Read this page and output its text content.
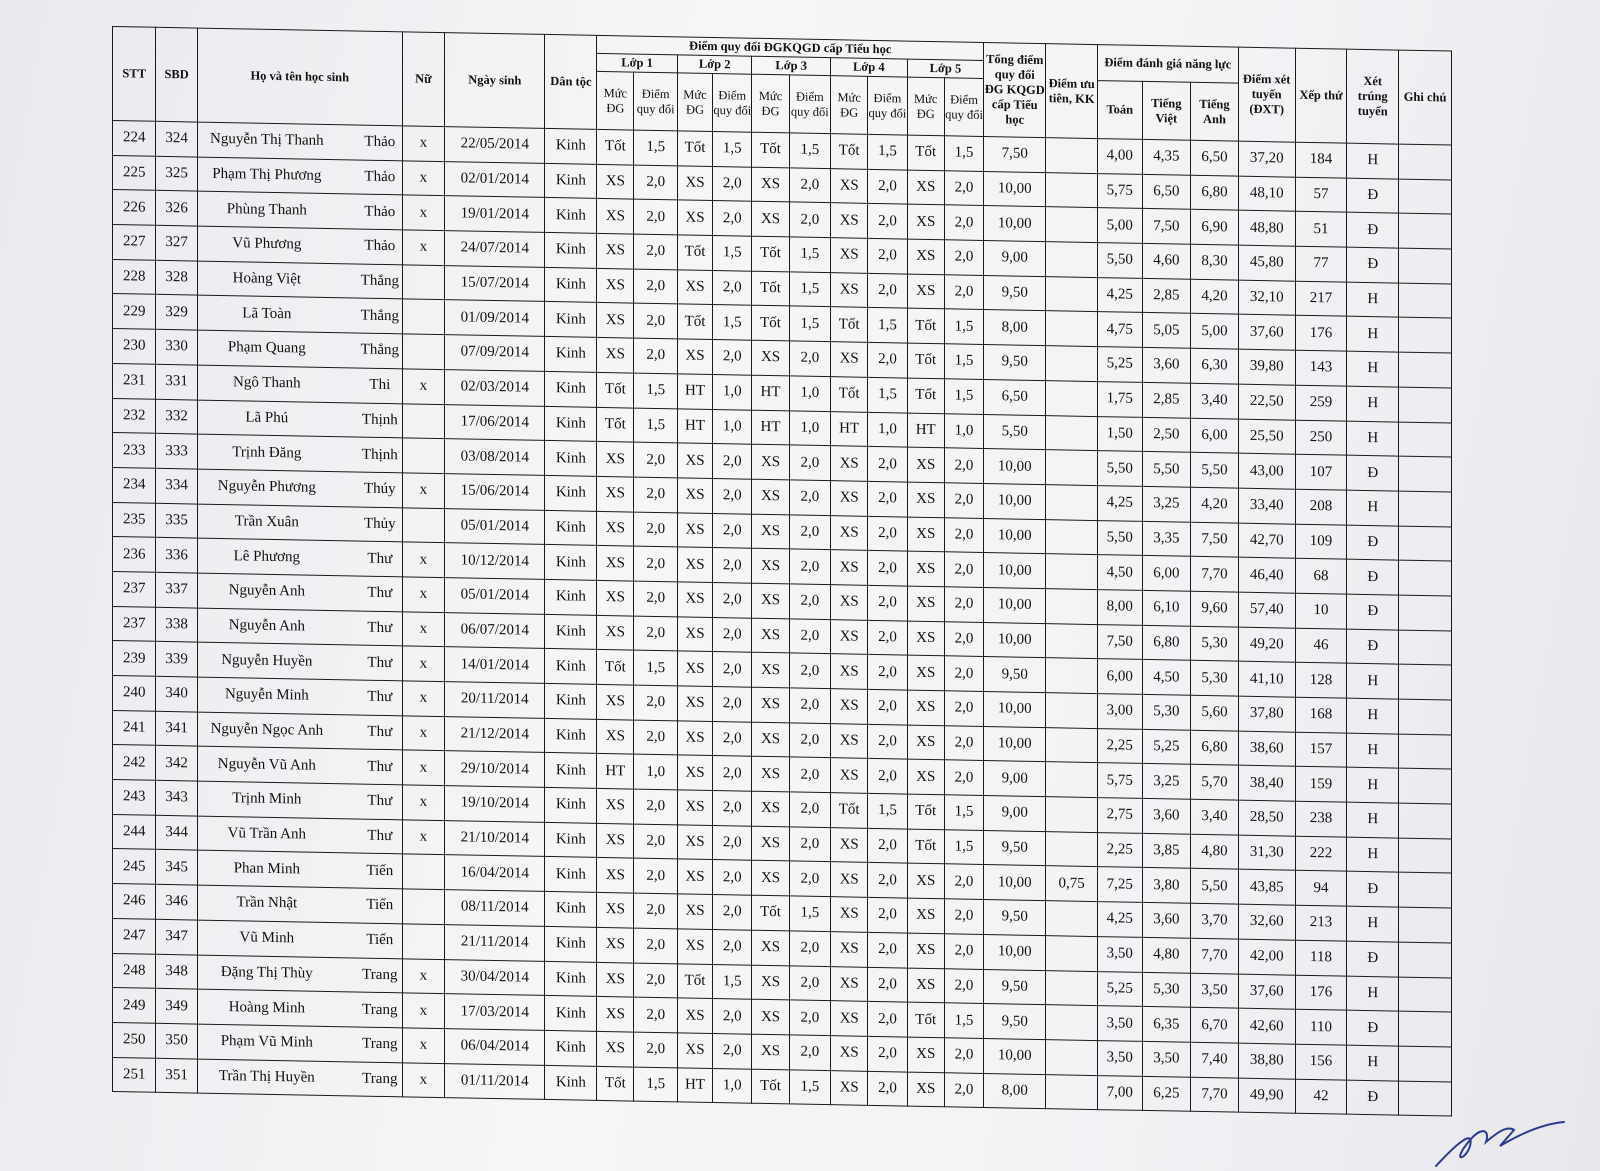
STT	SBD	Họ và tên học sinh	Nữ	Ngày sinh	Dân tộc	Điểm quy đổi ĐGKQGD cấp Tiểu học										Tổng điểm quy đổi ĐG KQGD cấp Tiểu học	Điểm ưu tiên, KK	Điểm đánh giá năng lực			Điểm xét tuyển (ĐXT)	Xếp thứ	Xét trúng tuyển	Ghi chú
						Lớp 1		Lớp 2		Lớp 3		Lớp 4		Lớp 5										
						Mức ĐG	Điểm quy đổi	Mức ĐG	Điểm quy đổi	Mức ĐG	Điểm quy đổi	Mức ĐG	Điểm quy đổi	Mức ĐG	Điểm quy đổi			Toán	Tiếng Việt	Tiếng Anh				
224	324	Nguyễn Thị Thanh Thảo	x	22/05/2014	Kinh	Tốt	1,5	Tốt	1,5	Tốt	1,5	Tốt	1,5	Tốt	1,5	7,50		4,00	4,35	6,50	37,20	184	H	
225	325	Phạm Thị Phương Thảo	x	02/01/2014	Kinh	XS	2,0	XS	2,0	XS	2,0	XS	2,0	XS	2,0	10,00		5,75	6,50	6,80	48,10	57	Đ	
226	326	Phùng Thanh Thảo	x	19/01/2014	Kinh	XS	2,0	XS	2,0	XS	2,0	XS	2,0	XS	2,0	10,00		5,00	7,50	6,90	48,80	51	Đ	
227	327	Vũ Phương Thảo	x	24/07/2014	Kinh	XS	2,0	Tốt	1,5	Tốt	1,5	XS	2,0	XS	2,0	9,00		5,50	4,60	8,30	45,80	77	Đ	
228	328	Hoàng Việt Thắng		15/07/2014	Kinh	XS	2,0	XS	2,0	Tốt	1,5	XS	2,0	XS	2,0	9,50		4,25	2,85	4,20	32,10	217	H	
229	329	Lã Toàn Thắng		01/09/2014	Kinh	XS	2,0	Tốt	1,5	Tốt	1,5	Tốt	1,5	Tốt	1,5	8,00		4,75	5,05	5,00	37,60	176	H	
230	330	Phạm Quang Thắng		07/09/2014	Kinh	XS	2,0	XS	2,0	XS	2,0	XS	2,0	Tốt	1,5	9,50		5,25	3,60	6,30	39,80	143	H	
231	331	Ngô Thanh Thi	x	02/03/2014	Kinh	Tốt	1,5	HT	1,0	HT	1,0	Tốt	1,5	Tốt	1,5	6,50		1,75	2,85	3,40	22,50	259	H	
232	332	Lã Phú Thịnh		17/06/2014	Kinh	Tốt	1,5	HT	1,0	HT	1,0	HT	1,0	HT	1,0	5,50		1,50	2,50	6,00	25,50	250	H	
233	333	Trịnh Đăng Thịnh		03/08/2014	Kinh	XS	2,0	XS	2,0	XS	2,0	XS	2,0	XS	2,0	10,00		5,50	5,50	5,50	43,00	107	Đ	
234	334	Nguyễn Phương Thúy	x	15/06/2014	Kinh	XS	2,0	XS	2,0	XS	2,0	XS	2,0	XS	2,0	10,00		4,25	3,25	4,20	33,40	208	H	
235	335	Trần Xuân Thủy		05/01/2014	Kinh	XS	2,0	XS	2,0	XS	2,0	XS	2,0	XS	2,0	10,00		5,50	3,35	7,50	42,70	109	Đ	
236	336	Lê Phương Thư	x	10/12/2014	Kinh	XS	2,0	XS	2,0	XS	2,0	XS	2,0	XS	2,0	10,00		4,50	6,00	7,70	46,40	68	Đ	
237	337	Nguyễn Anh Thư	x	05/01/2014	Kinh	XS	2,0	XS	2,0	XS	2,0	XS	2,0	XS	2,0	10,00		8,00	6,10	9,60	57,40	10	Đ	
237	338	Nguyễn Anh Thư	x	06/07/2014	Kinh	XS	2,0	XS	2,0	XS	2,0	XS	2,0	XS	2,0	10,00		7,50	6,80	5,30	49,20	46	Đ	
239	339	Nguyễn Huyền Thư	x	14/01/2014	Kinh	Tốt	1,5	XS	2,0	XS	2,0	XS	2,0	XS	2,0	9,50		6,00	4,50	5,30	41,10	128	H	
240	340	Nguyễn Minh Thư	x	20/11/2014	Kinh	XS	2,0	XS	2,0	XS	2,0	XS	2,0	XS	2,0	10,00		3,00	5,30	5,60	37,80	168	H	
241	341	Nguyễn Ngọc Anh Thư	x	21/12/2014	Kinh	XS	2,0	XS	2,0	XS	2,0	XS	2,0	XS	2,0	10,00		2,25	5,25	6,80	38,60	157	H	
242	342	Nguyễn Vũ Anh Thư	x	29/10/2014	Kinh	HT	1,0	XS	2,0	XS	2,0	XS	2,0	XS	2,0	9,00		5,75	3,25	5,70	38,40	159	H	
243	343	Trịnh Minh Thư	x	19/10/2014	Kinh	XS	2,0	XS	2,0	XS	2,0	Tốt	1,5	Tốt	1,5	9,00		2,75	3,60	3,40	28,50	238	H	
244	344	Vũ Trần Anh Thư	x	21/10/2014	Kinh	XS	2,0	XS	2,0	XS	2,0	XS	2,0	Tốt	1,5	9,50		2,25	3,85	4,80	31,30	222	H	
245	345	Phan Minh Tiến		16/04/2014	Kinh	XS	2,0	XS	2,0	XS	2,0	XS	2,0	XS	2,0	10,00	0,75	7,25	3,80	5,50	43,85	94	Đ	
246	346	Trần Nhật Tiến		08/11/2014	Kinh	XS	2,0	XS	2,0	Tốt	1,5	XS	2,0	XS	2,0	9,50		4,25	3,60	3,70	32,60	213	H	
247	347	Vũ Minh Tiến		21/11/2014	Kinh	XS	2,0	XS	2,0	XS	2,0	XS	2,0	XS	2,0	10,00		3,50	4,80	7,70	42,00	118	Đ	
248	348	Đặng Thị Thùy Trang	x	30/04/2014	Kinh	XS	2,0	Tốt	1,5	XS	2,0	XS	2,0	XS	2,0	9,50		5,25	5,30	3,50	37,60	176	H	
249	349	Hoàng Minh Trang	x	17/03/2014	Kinh	XS	2,0	XS	2,0	XS	2,0	XS	2,0	Tốt	1,5	9,50		3,50	6,35	6,70	42,60	110	Đ	
250	350	Phạm Vũ Minh Trang	x	06/04/2014	Kinh	XS	2,0	XS	2,0	XS	2,0	XS	2,0	XS	2,0	10,00		3,50	3,50	7,40	38,80	156	H	
251	351	Trần Thị Huyền Trang	x	01/11/2014	Kinh	Tốt	1,5	HT	1,0	Tốt	1,5	XS	2,0	XS	2,0	8,00		7,00	6,25	7,70	49,90	42	Đ	
